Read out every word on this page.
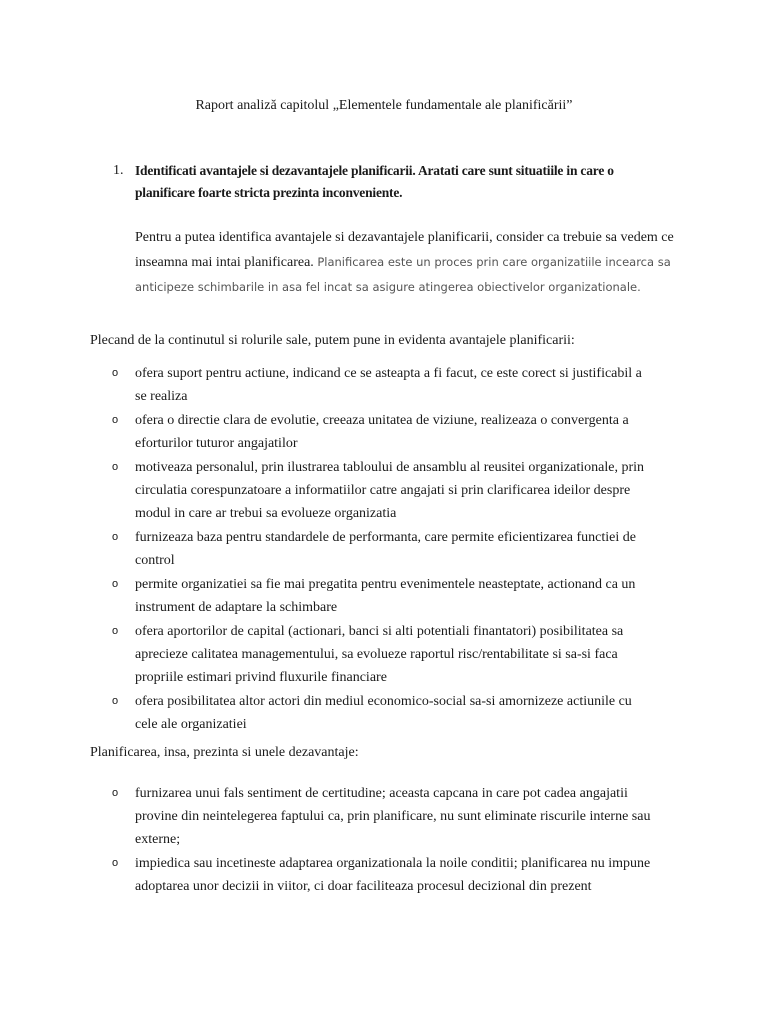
Raport analiză capitolul „Elementele fundamentale ale planificării”
1. Identificati avantajele si dezavantajele planificarii. Aratati care sunt situatiile in care o planificare foarte stricta prezinta inconveniente.

Pentru a putea identifica avantajele si dezavantajele planificarii, consider ca trebuie sa vedem ce inseamna mai intai planificarea. Planificarea este un proces prin care organizatiile incearca sa anticipeze schimbarile in asa fel incat sa asigure atingerea obiectivelor organizationale.

Plecand de la continutul si rolurile sale, putem pune in evidenta avantajele planificarii:

o ofera suport pentru actiune, indicand ce se asteapta a fi facut, ce este corect si justificabil a se realiza
o ofera o directie clara de evolutie, creeaza unitatea de viziune, realizeaza o convergenta a eforturilor tuturor angajatilor
o motiveaza personalul, prin ilustrarea tabloului de ansamblu al reusitei organizationale, prin circulatia corespunzatoare a informatiilor catre angajati si prin clarificarea ideilor despre modul in care ar trebui sa evolueze organizatia
o furnizeaza baza pentru standardele de performanta, care permite eficientizarea functiei de control
o permite organizatiei sa fie mai pregatita pentru evenimentele neasteptate, actionand ca un instrument de adaptare la schimbare
o ofera aportorilor de capital (actionari, banci si alti potentiali finantatori) posibilitatea sa aprecieze calitatea managementului, sa evolueze raportul risc/rentabilitate si sa-si faca propriile estimari privind fluxurile financiare
o ofera posibilitatea altor actori din mediul economico-social sa-si amornizeze actiunile cu cele ale organizatiei

Planificarea, insa, prezinta si unele dezavantaje:

o furnizarea unui fals sentiment de certitudine; aceasta capcana in care pot cadea angajatii provine din neintelegerea faptului ca, prin planificare, nu sunt eliminate riscurile interne sau externe;
o impiedica sau incetineste adaptarea organizationala la noile conditii; planificarea nu impune adoptarea unor decizii in viitor, ci doar faciliteaza procesul decizional din prezent
